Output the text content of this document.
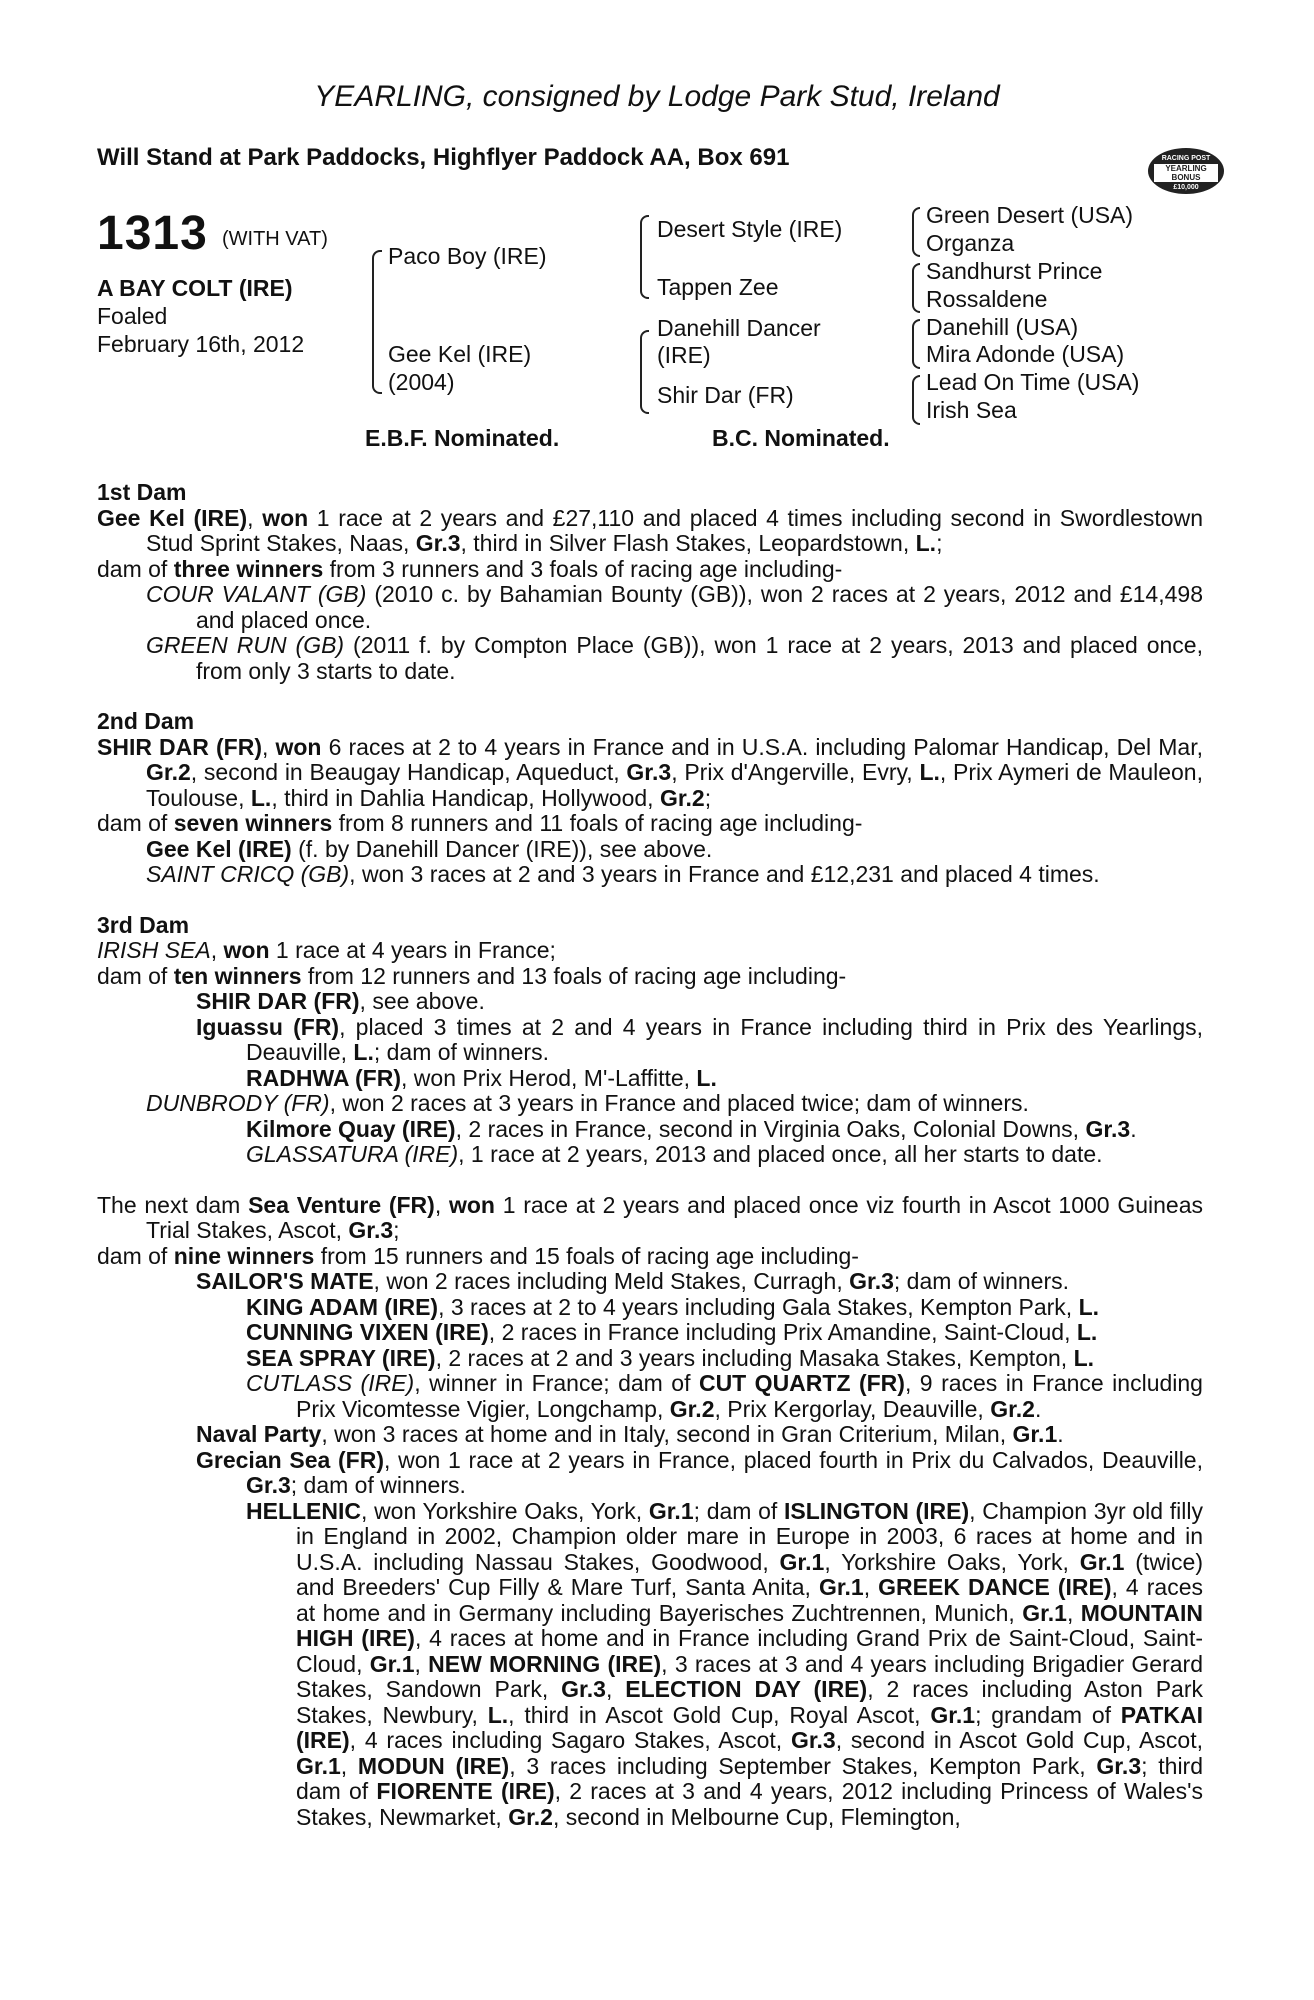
YEARLING, consigned by Lodge Park Stud, Ireland
Will Stand at Park Paddocks, Highflyer Paddock AA, Box 691	RACING POST
YEARLING BONUS
£10,000
1313 (WITH VAT)
A BAY COLT (IRE)
Foaled
February 16th, 2012
Paco Boy (IRE)
Gee Kel (IRE)
(2004)
Desert Style (IRE)
Tappen Zee
Danehill Dancer
(IRE)
Shir Dar (FR)
Green Desert (USA)
Organza
Sandhurst Prince
Rossaldene
Danehill (USA)
Mira Adonde (USA)
Lead On Time (USA)
Irish Sea
E.B.F. Nominated.	B.C. Nominated.
1st Dam
Gee Kel (IRE), won 1 race at 2 years and £27,110 and placed 4 times including second in Swordlestown Stud Sprint Stakes, Naas, Gr.3, third in Silver Flash Stakes, Leopardstown, L.;
dam of three winners from 3 runners and 3 foals of racing age including-
COUR VALANT (GB) (2010 c. by Bahamian Bounty (GB)), won 2 races at 2 years, 2012 and £14,498 and placed once.
GREEN RUN (GB) (2011 f. by Compton Place (GB)), won 1 race at 2 years, 2013 and placed once, from only 3 starts to date.
2nd Dam
SHIR DAR (FR), won 6 races at 2 to 4 years in France and in U.S.A. including Palomar Handicap, Del Mar, Gr.2, second in Beaugay Handicap, Aqueduct, Gr.3, Prix d'Angerville, Evry, L., Prix Aymeri de Mauleon, Toulouse, L., third in Dahlia Handicap, Hollywood, Gr.2;
dam of seven winners from 8 runners and 11 foals of racing age including-
Gee Kel (IRE) (f. by Danehill Dancer (IRE)), see above.
SAINT CRICQ (GB), won 3 races at 2 and 3 years in France and £12,231 and placed 4 times.
3rd Dam
IRISH SEA, won 1 race at 4 years in France;
dam of ten winners from 12 runners and 13 foals of racing age including-
SHIR DAR (FR), see above.
Iguassu (FR), placed 3 times at 2 and 4 years in France including third in Prix des Yearlings, Deauville, L.; dam of winners.
RADHWA (FR), won Prix Herod, M'-Laffitte, L.
DUNBRODY (FR), won 2 races at 3 years in France and placed twice; dam of winners.
Kilmore Quay (IRE), 2 races in France, second in Virginia Oaks, Colonial Downs, Gr.3.
GLASSATURA (IRE), 1 race at 2 years, 2013 and placed once, all her starts to date.
The next dam Sea Venture (FR), won 1 race at 2 years and placed once viz fourth in Ascot 1000 Guineas Trial Stakes, Ascot, Gr.3;
dam of nine winners from 15 runners and 15 foals of racing age including-
SAILOR'S MATE, won 2 races including Meld Stakes, Curragh, Gr.3; dam of winners.
KING ADAM (IRE), 3 races at 2 to 4 years including Gala Stakes, Kempton Park, L.
CUNNING VIXEN (IRE), 2 races in France including Prix Amandine, Saint-Cloud, L.
SEA SPRAY (IRE), 2 races at 2 and 3 years including Masaka Stakes, Kempton, L.
CUTLASS (IRE), winner in France; dam of CUT QUARTZ (FR), 9 races in France including Prix Vicomtesse Vigier, Longchamp, Gr.2, Prix Kergorlay, Deauville, Gr.2.
Naval Party, won 3 races at home and in Italy, second in Gran Criterium, Milan, Gr.1.
Grecian Sea (FR), won 1 race at 2 years in France, placed fourth in Prix du Calvados, Deauville, Gr.3; dam of winners.
HELLENIC, won Yorkshire Oaks, York, Gr.1; dam of ISLINGTON (IRE), Champion 3yr old filly in England in 2002, Champion older mare in Europe in 2003, 6 races at home and in U.S.A. including Nassau Stakes, Goodwood, Gr.1, Yorkshire Oaks, York, Gr.1 (twice) and Breeders' Cup Filly & Mare Turf, Santa Anita, Gr.1, GREEK DANCE (IRE), 4 races at home and in Germany including Bayerisches Zuchtrennen, Munich, Gr.1, MOUNTAIN HIGH (IRE), 4 races at home and in France including Grand Prix de Saint-Cloud, Saint-Cloud, Gr.1, NEW MORNING (IRE), 3 races at 3 and 4 years including Brigadier Gerard Stakes, Sandown Park, Gr.3, ELECTION DAY (IRE), 2 races including Aston Park Stakes, Newbury, L., third in Ascot Gold Cup, Royal Ascot, Gr.1; grandam of PATKAI (IRE), 4 races including Sagaro Stakes, Ascot, Gr.3, second in Ascot Gold Cup, Ascot, Gr.1, MODUN (IRE), 3 races including September Stakes, Kempton Park, Gr.3; third dam of FIORENTE (IRE), 2 races at 3 and 4 years, 2012 including Princess of Wales's Stakes, Newmarket, Gr.2, second in Melbourne Cup, Flemington,
